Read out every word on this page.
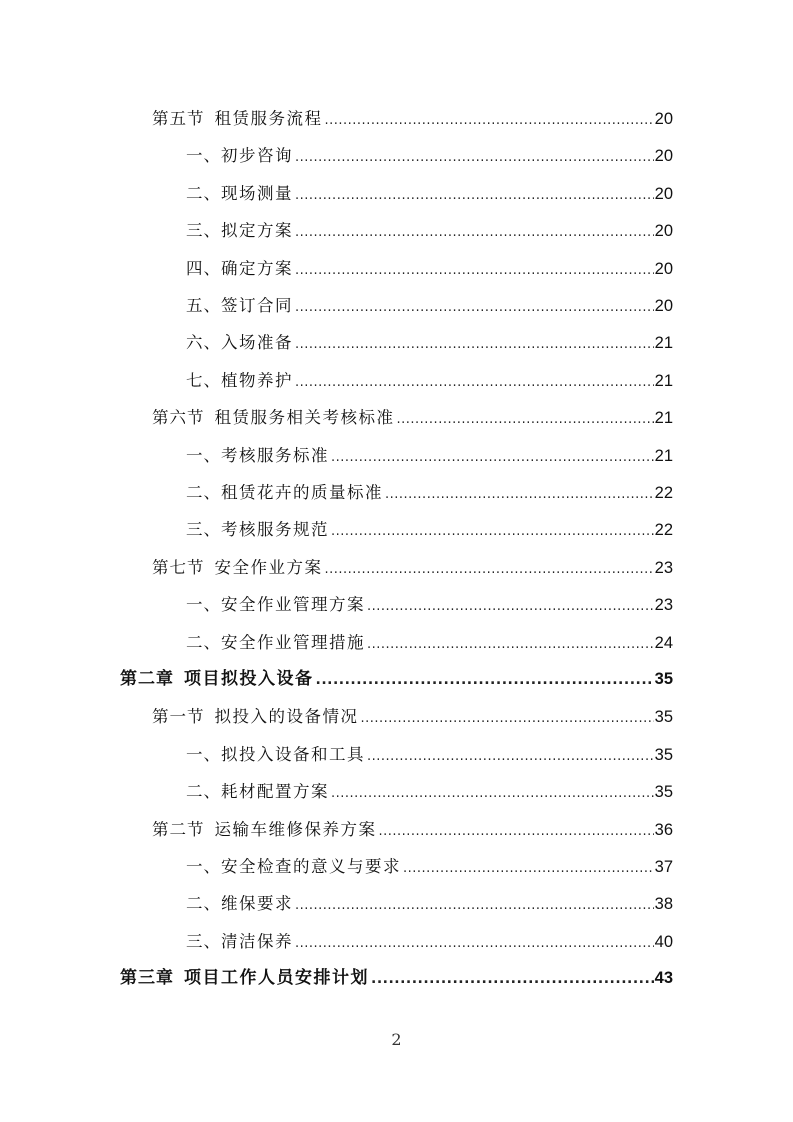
第五节 租赁服务流程 .....	20
一、 初步咨询 .....	20
二、 现场测量 .....	20
三、 拟定方案 .....	20
四、 确定方案 .....	20
五、 签订合同 .....	20
六、 入场准备 .....	21
七、 植物养护 .....	21
第六节 租赁服务相关考核标准 .....	21
一、 考核服务标准 .....	21
二、 租赁花卉的质量标准 .....	22
三、 考核服务规范 .....	22
第七节 安全作业方案 .....	23
一、 安全作业管理方案 .....	23
二、 安全作业管理措施 .....	24
第二章 项目拟投入设备 .....	35
第一节 拟投入的设备情况 .....	35
一、 拟投入设备和工具 .....	35
二、 耗材配置方案 .....	35
第二节 运输车维修保养方案 .....	36
一、 安全检查的意义与要求 .....	37
二、 维保要求 .....	38
三、 清洁保养 .....	40
第三章 项目工作人员安排计划 .....	43
2
